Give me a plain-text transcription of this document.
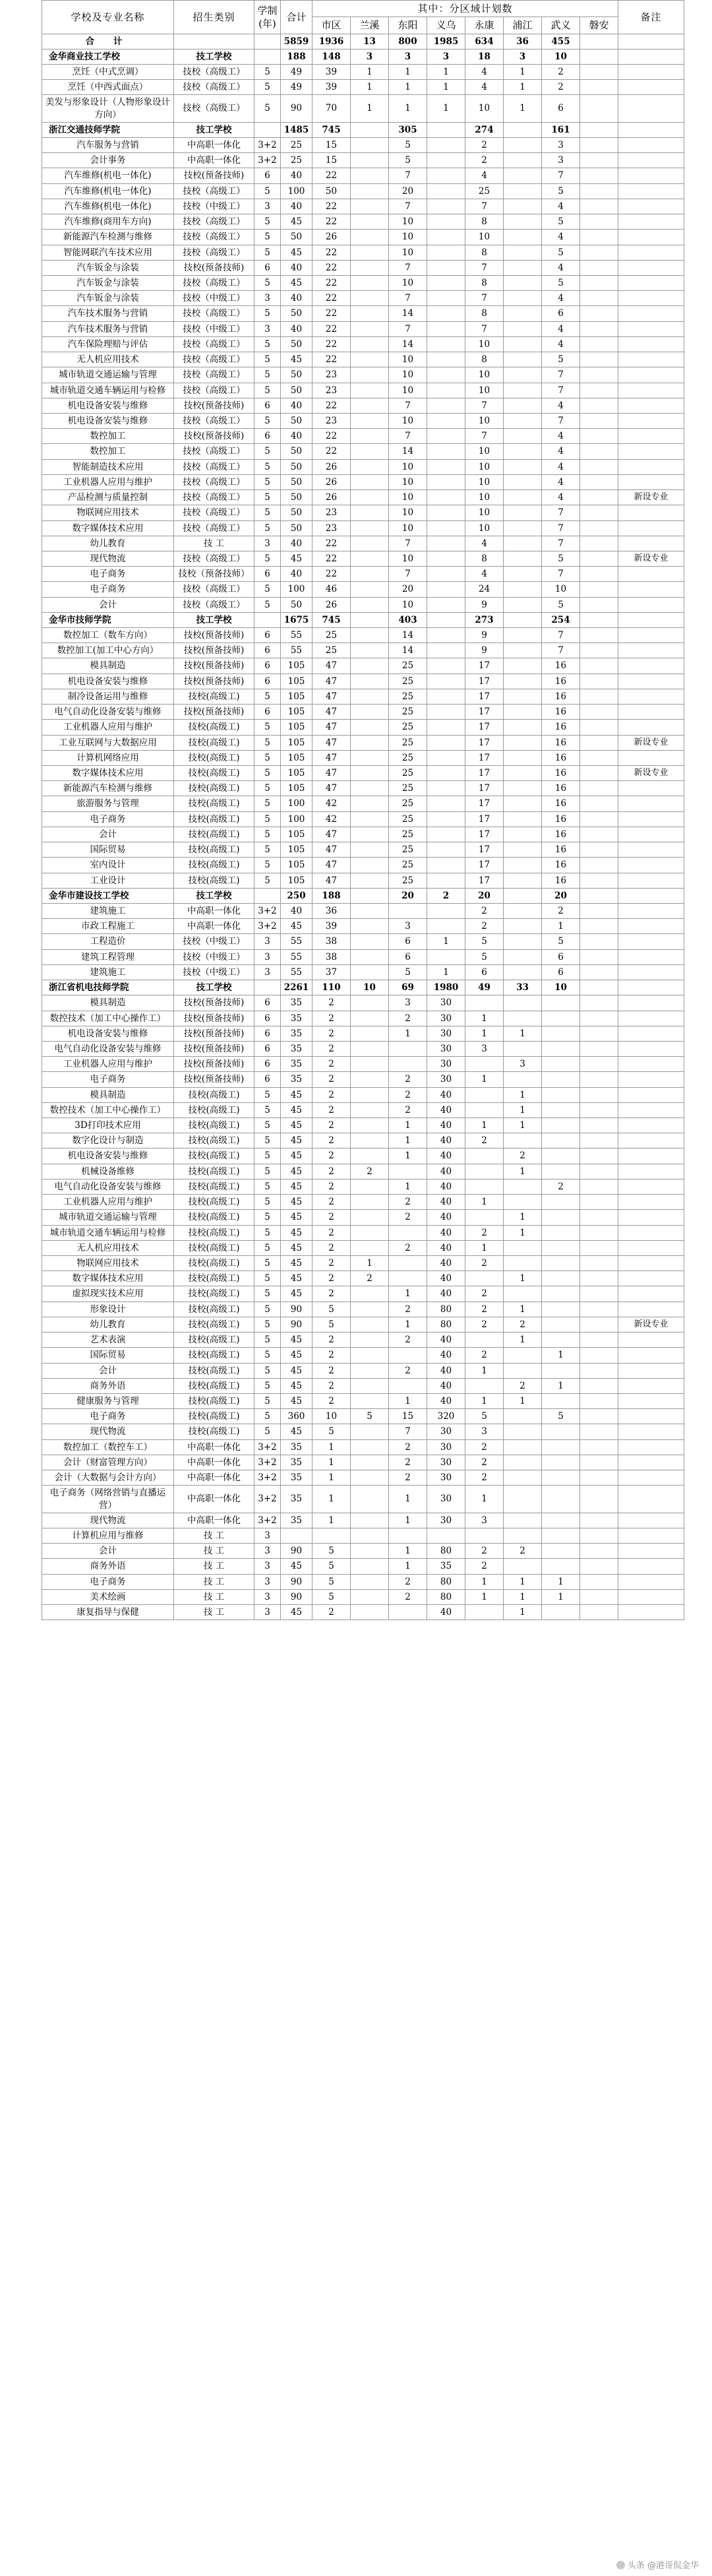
学校及专业名称	招生类别	学制
(年)	合计	其中：分区域计划数								备注
				市区	兰溪	东阳	义乌	永康	浦江	武义	磐安	
合 计			5859	1936	13	800	1985	634	36	455		
金华商业技工学校	技工学校		188	148	3	3	3	18	3	10		
烹饪（中式烹调）	技校（高级工）	5	49	39	1	1	1	4	1	2		
烹饪（中西式面点）	技校（高级工）	5	49	39	1	1	1	4	1	2		
美发与形象设计（人物形象设计方向）	技校（高级工）	5	90	70	1	1	1	10	1	6		
浙江交通技师学院	技工学校		1485	745		305		274		161		
汽车服务与营销	中高职一体化	3+2	25	15		5		2		3		
会计事务	中高职一体化	3+2	25	15		5		2		3		
汽车维修(机电一体化)	技校(预备技师)	6	40	22		7		4		7		
汽车维修(机电一体化)	技校（高级工）	5	100	50		20		25		5		
汽车维修(机电一体化)	技校（中级工）	3	40	22		7		7		4		
汽车维修(商用车方向)	技校（高级工）	5	45	22		10		8		5		
新能源汽车检测与维修	技校（高级工）	5	50	26		10		10		4		
智能网联汽车技术应用	技校（高级工）	5	45	22		10		8		5		
汽车钣金与涂装	技校(预备技师)	6	40	22		7		7		4		
汽车钣金与涂装	技校（高级工）	5	45	22		10		8		5		
汽车钣金与涂装	技校（中级工）	3	40	22		7		7		4		
汽车技术服务与营销	技校（高级工）	5	50	22		14		8		6		
汽车技术服务与营销	技校（中级工）	3	40	22		7		7		4		
汽车保险理赔与评估	技校（高级工）	5	50	22		14		10		4		
无人机应用技术	技校（高级工）	5	45	22		10		8		5		
城市轨道交通运输与管理	技校（高级工）	5	50	23		10		10		7		
城市轨道交通车辆运用与检修	技校（高级工）	5	50	23		10		10		7		
机电设备安装与维修	技校(预备技师)	6	40	22		7		7		4		
机电设备安装与维修	技校（高级工）	5	50	23		10		10		7		
数控加工	技校(预备技师)	6	40	22		7		7		4		
数控加工	技校（高级工）	5	50	22		14		10		4		
智能制造技术应用	技校（高级工）	5	50	26		10		10		4		
工业机器人应用与维护	技校（高级工）	5	50	26		10		10		4		
产品检测与质量控制	技校（高级工）	5	50	26		10		10		4		新设专业
物联网应用技术	技校（高级工）	5	50	23		10		10		7		
数字媒体技术应用	技校（高级工）	5	50	23		10		10		7		
幼儿教育	技 工	3	40	22		7		4		7		
现代物流	技校（高级工）	5	45	22		10		8		5		新设专业
电子商务	技校（预备技师）	6	40	22		7		4		7		
电子商务	技校（高级工）	5	100	46		20		24		10		
会计	技校（高级工）	5	50	26		10		9		5		
金华市技师学院	技工学校		1675	745		403		273		254		
数控加工（数车方向）	技校(预备技师)	6	55	25		14		9		7		
数控加工(加工中心方向）	技校(预备技师)	6	55	25		14		9		7		
模具制造	技校(预备技师)	6	105	47		25		17		16		
机电设备安装与维修	技校(预备技师)	6	105	47		25		17		16		
制冷设备运用与维修	技校(高级工)	5	105	47		25		17		16		
电气自动化设备安装与维修	技校(预备技师)	6	105	47		25		17		16		
工业机器人应用与维护	技校(高级工)	5	105	47		25		17		16		
工业互联网与大数据应用	技校(高级工)	5	105	47		25		17		16		新设专业
计算机网络应用	技校(高级工)	5	105	47		25		17		16		
数字媒体技术应用	技校(高级工)	5	105	47		25		17		16		新设专业
新能源汽车检测与维修	技校(高级工)	5	105	47		25		17		16		
旅游服务与管理	技校(高级工)	5	100	42		25		17		16		
电子商务	技校(高级工)	5	100	42		25		17		16		
会计	技校(高级工)	5	105	47		25		17		16		
国际贸易	技校(高级工)	5	105	47		25		17		16		
室内设计	技校(高级工)	5	105	47		25		17		16		
工业设计	技校(高级工)	5	105	47		25		17		16		
金华市建设技工学校	技工学校		250	188		20	2	20		20		
建筑施工	中高职一体化	3+2	40	36				2		2		
市政工程施工	中高职一体化	3+2	45	39		3		2		1		
工程造价	技校（中级工）	3	55	38		6	1	5		5		
建筑工程管理	技校（中级工）	3	55	38		6		5		6		
建筑施工	技校（中级工）	3	55	37		5	1	6		6		
浙江省机电技师学院	技工学校		2261	110	10	69	1980	49	33	10		
模具制造	技校(预备技师)	6	35	2		3	30					
数控技术（加工中心操作工）	技校(预备技师)	6	35	2		2	30	1				
机电设备安装与维修	技校(预备技师)	6	35	2		1	30	1	1			
电气自动化设备安装与维修	技校(预备技师)	6	35	2			30	3				
工业机器人应用与维护	技校(预备技师)	6	35	2			30		3			
电子商务	技校(预备技师)	6	35	2		2	30	1				
模具制造	技校(高级工)	5	45	2		2	40		1			
数控技术（加工中心操作工）	技校(高级工)	5	45	2		2	40		1			
3D打印技术应用	技校(高级工)	5	45	2		1	40	1	1			
数字化设计与制造	技校(高级工)	5	45	2		1	40	2				
机电设备安装与维修	技校(高级工)	5	45	2		1	40		2			
机械设备维修	技校(高级工)	5	45	2	2		40		1			
电气自动化设备安装与维修	技校(高级工)	5	45	2		1	40			2		
工业机器人应用与维护	技校(高级工)	5	45	2		2	40	1				
城市轨道交通运输与管理	技校(高级工)	5	45	2		2	40		1			
城市轨道交通车辆运用与检修	技校(高级工)	5	45	2			40	2	1			
无人机应用技术	技校(高级工)	5	45	2		2	40	1				
物联网应用技术	技校(高级工)	5	45	2	1		40	2				
数字媒体技术应用	技校(高级工)	5	45	2	2		40		1			
虚拟现实技术应用	技校(高级工)	5	45	2		1	40	2				
形象设计	技校(高级工)	5	90	5		2	80	2	1			
幼儿教育	技校(高级工)	5	90	5		1	80	2	2			新设专业
艺术表演	技校(高级工)	5	45	2		2	40		1			
国际贸易	技校(高级工)	5	45	2			40	2		1		
会计	技校(高级工)	5	45	2		2	40	1				
商务外语	技校(高级工)	5	45	2			40		2	1		
健康服务与管理	技校(高级工)	5	45	2		1	40	1	1			
电子商务	技校(高级工)	5	360	10	5	15	320	5		5		
现代物流	技校(高级工)	5	45	5		7	30	3				
数控加工（数控车工）	中高职一体化	3+2	35	1		2	30	2				
会计（财富管理方向）	中高职一体化	3+2	35	1		2	30	2				
会计（大数据与会计方向）	中高职一体化	3+2	35	1		2	30	2				
电子商务（网络营销与直播运营）	中高职一体化	3+2	35	1		1	30	1				
现代物流	中高职一体化	3+2	35	1		1	30	3				
计算机应用与维修	技 工	3										
会计	技 工	3	90	5		1	80	2	2			
商务外语	技 工	3	45	5		1	35	2				
电子商务	技 工	3	90	5		2	80	1	1	1		
美术绘画	技 工	3	90	5		2	80	1	1	1		
康复指导与保健	技 工	3	45	2			40		1			
头条 @港哥侃金华
